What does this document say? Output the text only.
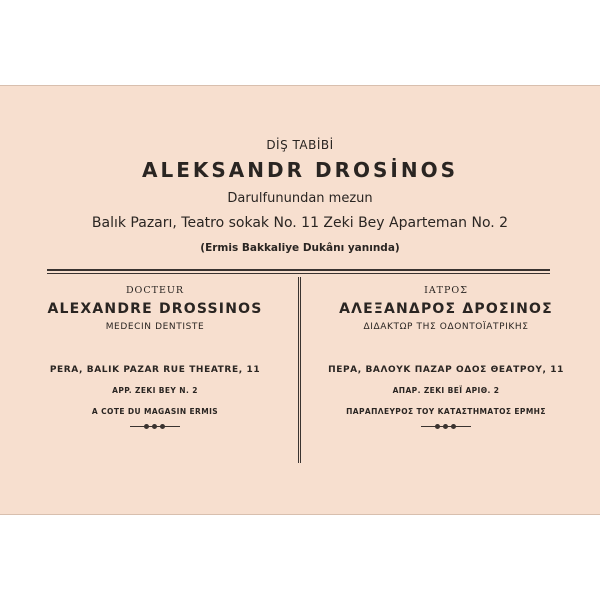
DİŞ TABİBİ
ALEKSANDR DROSİNOS
Darulfunundan mezun
Balık Pazarı, Teatro sokak No. 11 Zeki Bey Aparteman No. 2
(Ermis Bakkaliye Dukânı yanında)
DOCTEUR
ALEXANDRE DROSSINOS
MEDECIN DENTISTE
PERA, BALIK PAZAR RUE THEATRE, 11
APP. ZEKI BEY N. 2
A COTE DU MAGASIN ERMIS
ΙΑΤΡΟΣ
ΑΛΕΞΑΝΔΡΟΣ ΔΡΟΣΙΝΟΣ
ΔΙΔΑΚΤΩΡ ΤΗΣ ΟΔΟΝΤΟΪΑΤΡΙΚΗΣ
ΠΕΡΑ, ΒΑΛΟΥΚ ΠΑΖΑΡ ΟΔΟΣ ΘΕΑΤΡΟΥ, 11
ΑΠΑΡ. ΖΕΚΙ ΒΕΪ ΑΡΙΘ. 2
ΠΑΡΑΠΛΕΥΡΟΣ ΤΟΥ ΚΑΤΑΣΤΗΜΑΤΟΣ ΕΡΜΗΣ
